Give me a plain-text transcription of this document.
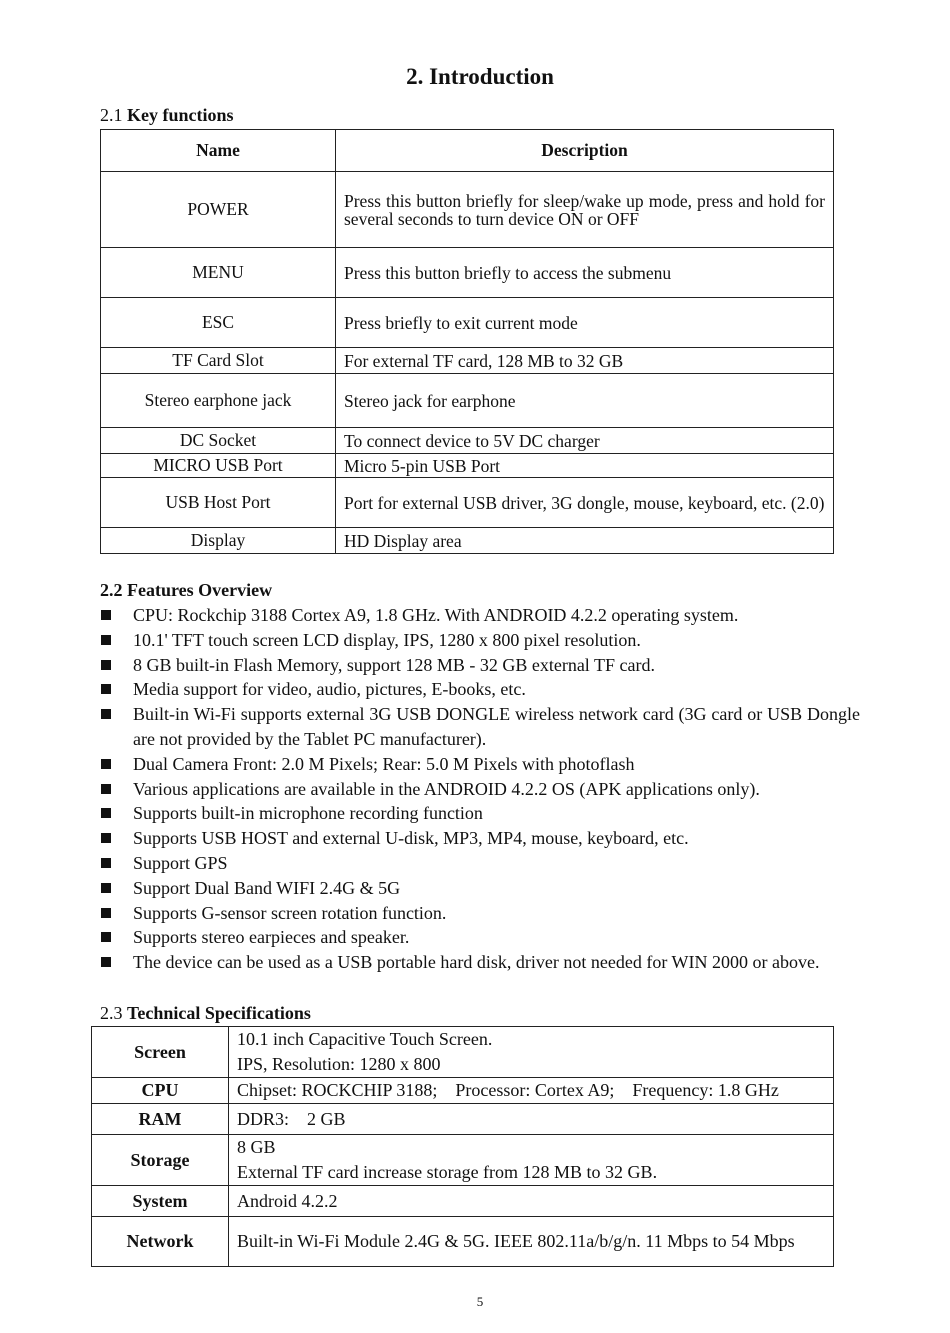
2. Introduction
2.1 Key functions
Name	Description
POWER	Press this button briefly for sleep/wake up mode, press and hold for several seconds to turn device ON or OFF
MENU	Press this button briefly to access the submenu
ESC	Press briefly to exit current mode
TF Card Slot	For external TF card, 128 MB to 32 GB
Stereo earphone jack	Stereo jack for earphone
DC Socket	To connect device to 5V DC charger
MICRO USB Port	Micro 5-pin USB Port
USB Host Port	Port for external USB driver, 3G dongle, mouse, keyboard, etc. (2.0)
Display	HD Display area
2.2 Features Overview
CPU: Rockchip 3188 Cortex A9, 1.8 GHz. With ANDROID 4.2.2 operating system.
10.1' TFT touch screen LCD display, IPS, 1280 x 800 pixel resolution.
8 GB built-in Flash Memory, support 128 MB - 32 GB external TF card.
Media support for video, audio, pictures, E-books, etc.
Built-in Wi-Fi supports external 3G USB DONGLE wireless network card (3G card or USB Dongle are not provided by the Tablet PC manufacturer).
Dual Camera Front: 2.0 M Pixels; Rear: 5.0 M Pixels with photoflash
Various applications are available in the ANDROID 4.2.2 OS (APK applications only).
Supports built-in microphone recording function
Supports USB HOST and external U-disk, MP3, MP4, mouse, keyboard, etc.
Support GPS
Support Dual Band WIFI 2.4G & 5G
Supports G-sensor screen rotation function.
Supports stereo earpieces and speaker.
The device can be used as a USB portable hard disk, driver not needed for WIN 2000 or above.
2.3 Technical Specifications
Screen	10.1 inch Capacitive Touch Screen.
IPS, Resolution: 1280 x 800

CPU	Chipset: ROCKCHIP 3188;    Processor: Cortex A9;    Frequency: 1.8 GHz

RAM	DDR3:    2 GB

Storage	8 GB
External TF card increase storage from 128 MB to 32 GB.

System	Android 4.2.2

Network	Built-in Wi-Fi Module 2.4G & 5G. IEEE 802.11a/b/g/n. 11 Mbps to 54 Mbps
5
